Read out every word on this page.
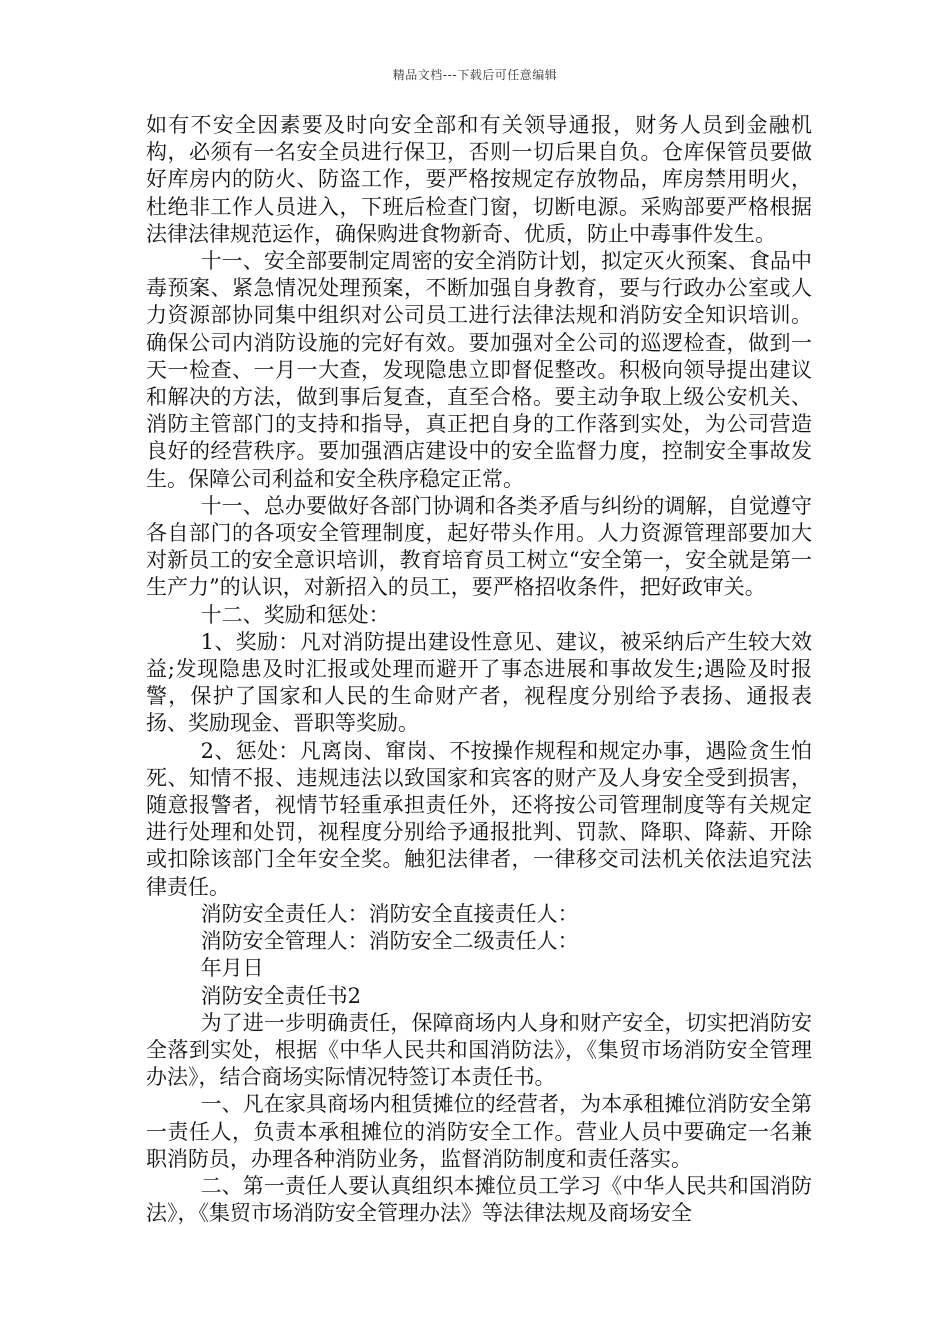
精品文档---下载后可任意编辑

如有不安全因素要及时向安全部和有关领导通报，财务人员到金融机构，必须有一名安全员进行保卫，否则一切后果自负。仓库保管员要做好库房内的防火、防盗工作，要严格按规定存放物品，库房禁用明火，杜绝非工作人员进入，下班后检查门窗，切断电源。采购部要严格根据法律法律规范运作，确保购进食物新奇、优质，防止中毒事件发生。

十一、安全部要制定周密的安全消防计划，拟定灭火预案、食品中毒预案、紧急情况处理预案，不断加强自身教育，要与行政办公室或人力资源部协同集中组织对公司员工进行法律法规和消防安全知识培训。确保公司内消防设施的完好有效。要加强对全公司的巡逻检查，做到一天一检查、一月一大查，发现隐患立即督促整改。积极向领导提出建议和解决的方法，做到事后复查，直至合格。要主动争取上级公安机关、消防主管部门的支持和指导，真正把自身的工作落到实处，为公司营造良好的经营秩序。要加强酒店建设中的安全监督力度，控制安全事故发生。保障公司利益和安全秩序稳定正常。

十一、总办要做好各部门协调和各类矛盾与纠纷的调解，自觉遵守各自部门的各项安全管理制度，起好带头作用。人力资源管理部要加大对新员工的安全意识培训，教育培育员工树立“安全第一，安全就是第一生产力”的认识，对新招入的员工，要严格招收条件，把好政审关。

十二、奖励和惩处：

1、奖励：凡对消防提出建设性意见、建议，被采纳后产生较大效益;发现隐患及时汇报或处理而避开了事态进展和事故发生;遇险及时报警，保护了国家和人民的生命财产者，视程度分别给予表扬、通报表扬、奖励现金、晋职等奖励。

2、惩处：凡离岗、窜岗、不按操作规程和规定办事，遇险贪生怕死、知情不报、违规违法以致国家和宾客的财产及人身安全受到损害，随意报警者，视情节轻重承担责任外，还将按公司管理制度等有关规定进行处理和处罚，视程度分别给予通报批判、罚款、降职、降薪、开除或扣除该部门全年安全奖。触犯法律者，一律移交司法机关依法追究法律责任。

消防安全责任人：消防安全直接责任人：

消防安全管理人：消防安全二级责任人：

年月日

消防安全责任书2

为了进一步明确责任，保障商场内人身和财产安全，切实把消防安全落到实处，根据《中华人民共和国消防法》，《集贸市场消防安全管理办法》，结合商场实际情况特签订本责任书。

一、凡在家具商场内租赁摊位的经营者，为本承租摊位消防安全第一责任人，负责本承租摊位的消防安全工作。营业人员中要确定一名兼职消防员，办理各种消防业务，监督消防制度和责任落实。

二、第一责任人要认真组织本摊位员工学习《中华人民共和国消防法》，《集贸市场消防安全管理办法》等法律法规及商场安全
